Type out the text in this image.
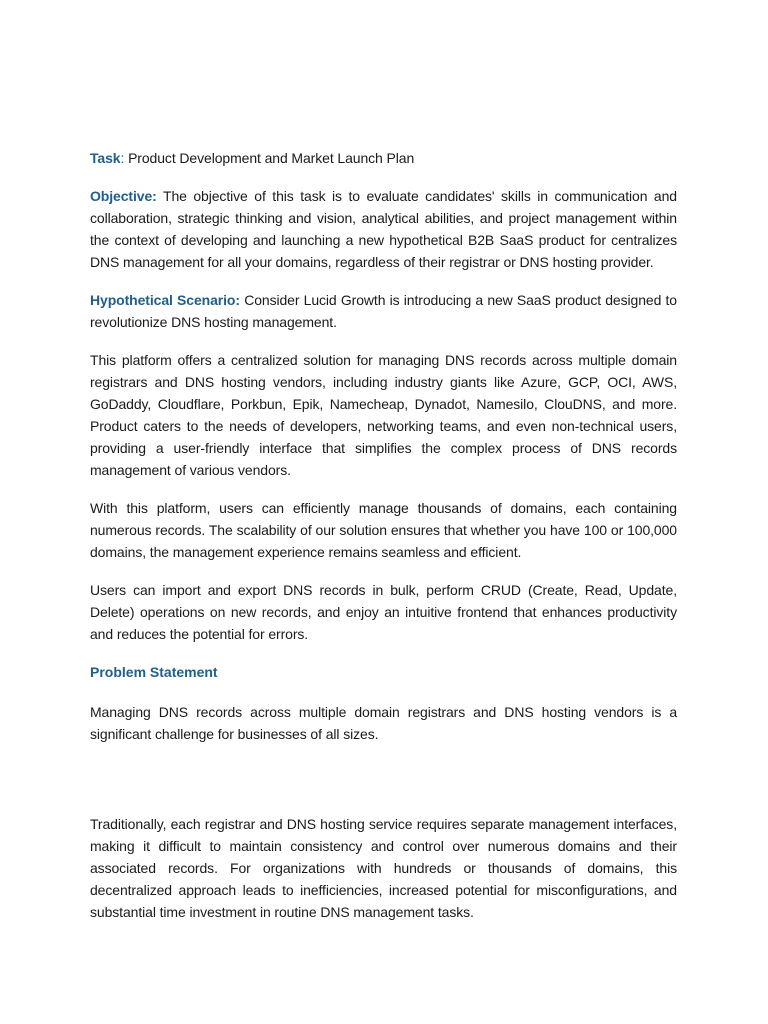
Task: Product Development and Market Launch Plan

Objective: The objective of this task is to evaluate candidates' skills in communication and collaboration, strategic thinking and vision, analytical abilities, and project management within the context of developing and launching a new hypothetical B2B SaaS product for centralizes DNS management for all your domains, regardless of their registrar or DNS hosting provider.

Hypothetical Scenario: Consider Lucid Growth is introducing a new SaaS product designed to revolutionize DNS hosting management.

This platform offers a centralized solution for managing DNS records across multiple domain registrars and DNS hosting vendors, including industry giants like Azure, GCP, OCI, AWS, GoDaddy, Cloudflare, Porkbun, Epik, Namecheap, Dynadot, Namesilo, ClouDNS, and more. Product caters to the needs of developers, networking teams, and even non-technical users, providing a user-friendly interface that simplifies the complex process of DNS records management of various vendors.

With this platform, users can efficiently manage thousands of domains, each containing numerous records. The scalability of our solution ensures that whether you have 100 or 100,000 domains, the management experience remains seamless and efficient.

Users can import and export DNS records in bulk, perform CRUD (Create, Read, Update, Delete) operations on new records, and enjoy an intuitive frontend that enhances productivity and reduces the potential for errors.

Problem Statement

Managing DNS records across multiple domain registrars and DNS hosting vendors is a significant challenge for businesses of all sizes.

Traditionally, each registrar and DNS hosting service requires separate management interfaces, making it difficult to maintain consistency and control over numerous domains and their associated records. For organizations with hundreds or thousands of domains, this decentralized approach leads to inefficiencies, increased potential for misconfigurations, and substantial time investment in routine DNS management tasks.
